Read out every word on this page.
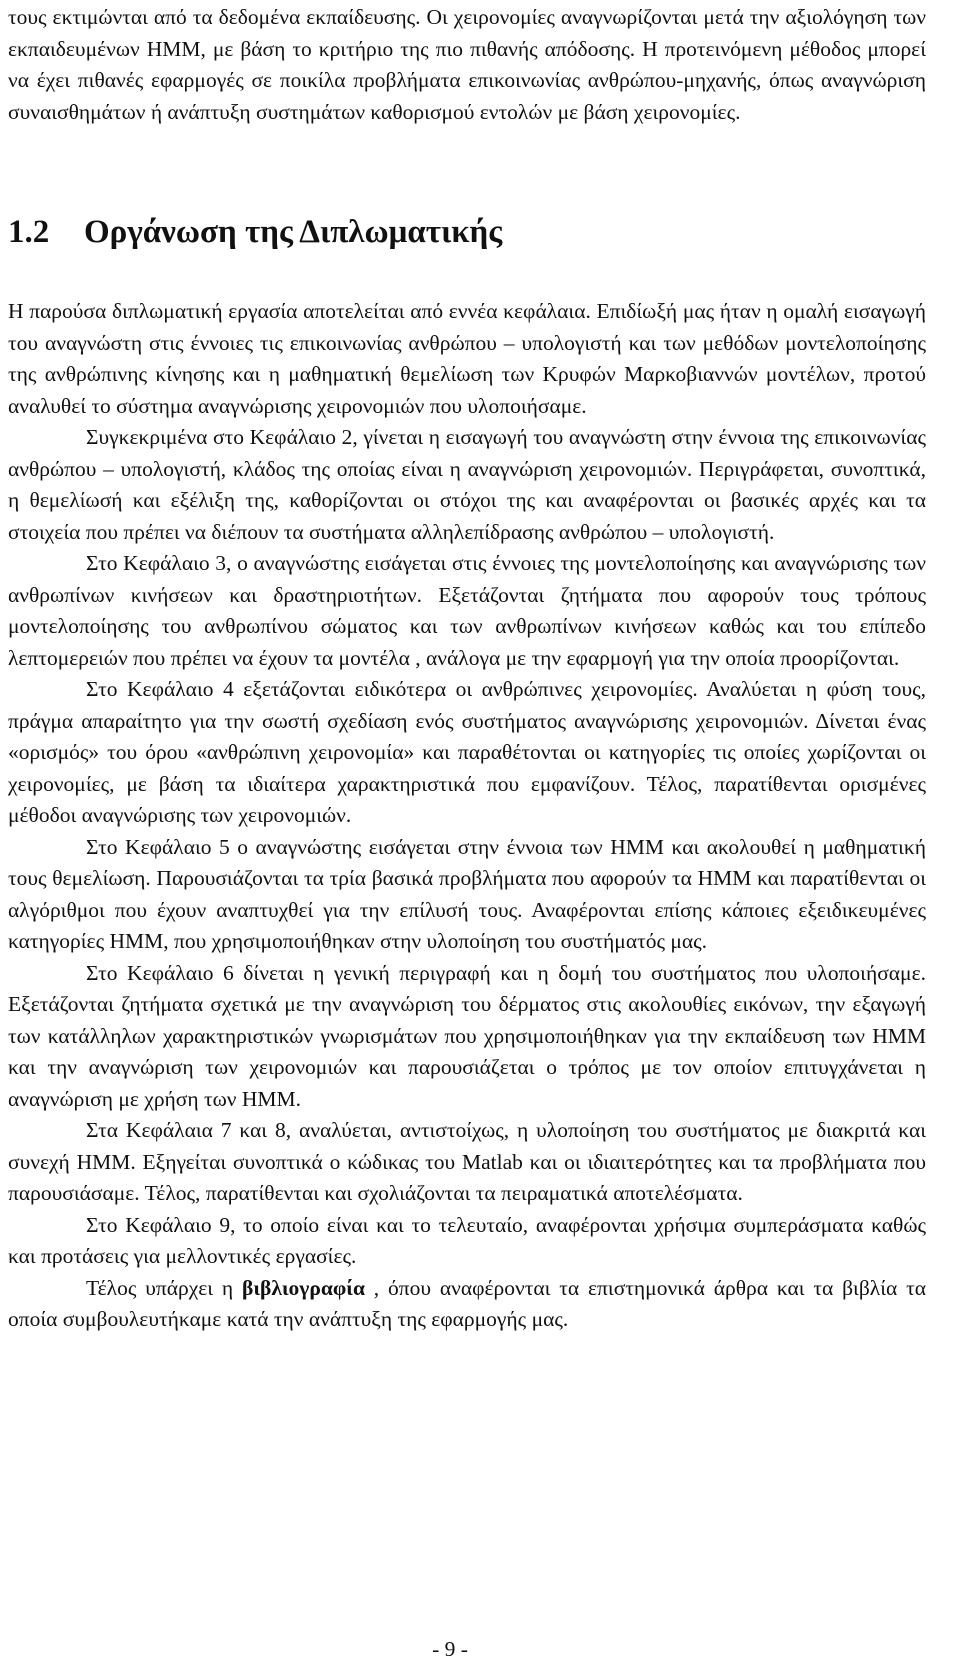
τους εκτιμώνται από τα δεδομένα εκπαίδευσης. Οι χειρονομίες αναγνωρίζονται μετά την αξιολόγηση των εκπαιδευμένων ΗΜΜ, με βάση το κριτήριο της πιο πιθανής απόδοσης. Η προτεινόμενη μέθοδος μπορεί να έχει πιθανές εφαρμογές σε ποικίλα προβλήματα επικοινωνίας ανθρώπου-μηχανής, όπως αναγνώριση συναισθημάτων ή ανάπτυξη συστημάτων καθορισμού εντολών με βάση χειρονομίες.

1.2 Οργάνωση της Διπλωματικής

Η παρούσα διπλωματική εργασία αποτελείται από εννέα κεφάλαια. Επιδίωξή μας ήταν η ομαλή εισαγωγή του αναγνώστη στις έννοιες τις επικοινωνίας ανθρώπου – υπολογιστή και των μεθόδων μοντελοποίησης της ανθρώπινης κίνησης και η μαθηματική θεμελίωση των Κρυφών Μαρκοβιαννών μοντέλων, προτού αναλυθεί το σύστημα αναγνώρισης χειρονομιών που υλοποιήσαμε.

Συγκεκριμένα στο Κεφάλαιο 2, γίνεται η εισαγωγή του αναγνώστη στην έννοια της επικοινωνίας ανθρώπου – υπολογιστή, κλάδος της οποίας είναι η αναγνώριση χειρονομιών. Περιγράφεται, συνοπτικά, η θεμελίωσή και εξέλιξη της, καθορίζονται οι στόχοι της και αναφέρονται οι βασικές αρχές και τα στοιχεία που πρέπει να διέπουν τα συστήματα αλληλεπίδρασης ανθρώπου – υπολογιστή.

Στο Κεφάλαιο 3, ο αναγνώστης εισάγεται στις έννοιες της μοντελοποίησης και αναγνώρισης των ανθρωπίνων κινήσεων και δραστηριοτήτων. Εξετάζονται ζητήματα που αφορούν τους τρόπους μοντελοποίησης του ανθρωπίνου σώματος και των ανθρωπίνων κινήσεων καθώς και του επίπεδο λεπτομερειών που πρέπει να έχουν τα μοντέλα , ανάλογα με την εφαρμογή για την οποία προορίζονται.

Στο Κεφάλαιο 4 εξετάζονται ειδικότερα οι ανθρώπινες χειρονομίες. Αναλύεται η φύση τους, πράγμα απαραίτητο για την σωστή σχεδίαση ενός συστήματος αναγνώρισης χειρονομιών. Δίνεται ένας «ορισμός» του όρου «ανθρώπινη χειρονομία» και παραθέτονται οι κατηγορίες τις οποίες χωρίζονται οι χειρονομίες, με βάση τα ιδιαίτερα χαρακτηριστικά που εμφανίζουν. Τέλος, παρατίθενται ορισμένες μέθοδοι αναγνώρισης των χειρονομιών.

Στο Κεφάλαιο 5 ο αναγνώστης εισάγεται στην έννοια των ΗΜΜ και ακολουθεί η μαθηματική τους θεμελίωση. Παρουσιάζονται τα τρία βασικά προβλήματα που αφορούν τα ΗΜΜ και παρατίθενται οι αλγόριθμοι που έχουν αναπτυχθεί για την επίλυσή τους. Αναφέρονται επίσης κάποιες εξειδικευμένες κατηγορίες ΗΜΜ, που χρησιμοποιήθηκαν στην υλοποίηση του συστήματός μας.

Στο Κεφάλαιο 6 δίνεται η γενική περιγραφή και η δομή του συστήματος που υλοποιήσαμε. Εξετάζονται ζητήματα σχετικά με την αναγνώριση του δέρματος στις ακολουθίες εικόνων, την εξαγωγή των κατάλληλων χαρακτηριστικών γνωρισμάτων που χρησιμοποιήθηκαν για την εκπαίδευση των ΗΜΜ και την αναγνώριση των χειρονομιών και παρουσιάζεται ο τρόπος με τον οποίον επιτυγχάνεται η αναγνώριση με χρήση των ΗΜΜ.

Στα Κεφάλαια 7 και 8, αναλύεται, αντιστοίχως, η υλοποίηση του συστήματος με διακριτά και συνεχή ΗΜΜ. Εξηγείται συνοπτικά ο κώδικας του Matlab και οι ιδιαιτερότητες και τα προβλήματα που παρουσιάσαμε. Τέλος, παρατίθενται και σχολιάζονται τα πειραματικά αποτελέσματα.

Στο Κεφάλαιο 9, το οποίο είναι και το τελευταίο, αναφέρονται χρήσιμα συμπεράσματα καθώς και προτάσεις για μελλοντικές εργασίες.

Τέλος υπάρχει η βιβλιογραφία , όπου αναφέρονται τα επιστημονικά άρθρα και τα βιβλία τα οποία συμβουλευτήκαμε κατά την ανάπτυξη της εφαρμογής μας.

- 9 -
